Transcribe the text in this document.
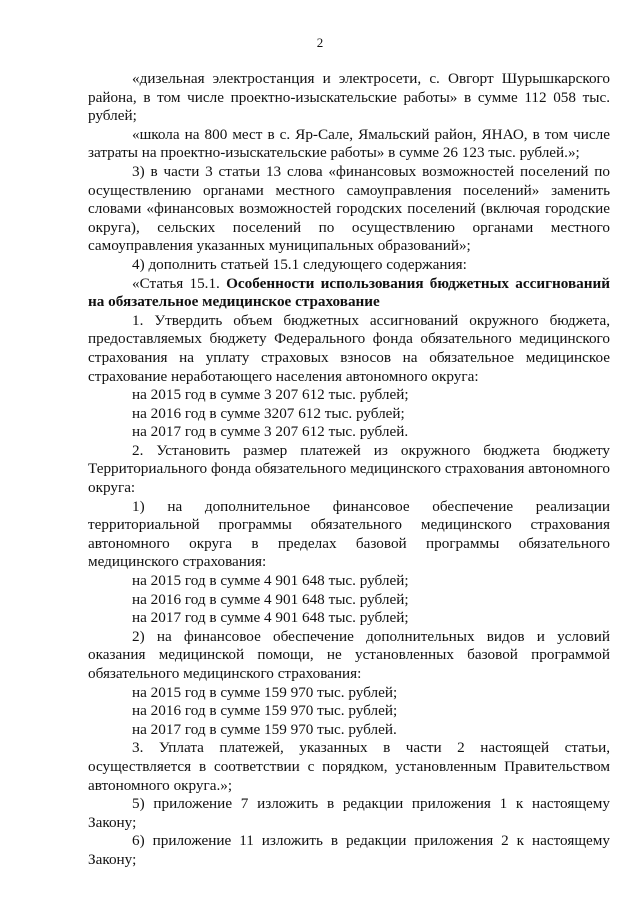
2

«дизельная электростанция и электросети, с. Овгорт Шурышкарского района, в том числе проектно-изыскательские работы» в сумме 112 058 тыс. рублей;

«школа на 800 мест в с. Яр-Сале, Ямальский район, ЯНАО, в том числе затраты на проектно-изыскательские работы» в сумме 26 123 тыс. рублей.»;

3) в части 3 статьи 13 слова «финансовых возможностей поселений по осуществлению органами местного самоуправления поселений» заменить словами «финансовых возможностей городских поселений (включая городские округа), сельских поселений по осуществлению органами местного самоуправления указанных муниципальных образований»;

4) дополнить статьей 15.1 следующего содержания:

«Статья 15.1. Особенности использования бюджетных ассигнований на обязательное медицинское страхование

1. Утвердить объем бюджетных ассигнований окружного бюджета, предоставляемых бюджету Федерального фонда обязательного медицинского страхования на уплату страховых взносов на обязательное медицинское страхование неработающего населения автономного округа:

на 2015 год в сумме 3 207 612 тыс. рублей;

на 2016 год в сумме 3207 612 тыс. рублей;

на 2017 год в сумме 3 207 612 тыс. рублей.

2. Установить размер платежей из окружного бюджета бюджету Территориального фонда обязательного медицинского страхования автономного округа:

1) на дополнительное финансовое обеспечение реализации территориальной программы обязательного медицинского страхования автономного округа в пределах базовой программы обязательного медицинского страхования:

на 2015 год в сумме 4 901 648 тыс. рублей;

на 2016 год в сумме 4 901 648 тыс. рублей;

на 2017 год в сумме 4 901 648 тыс. рублей;

2) на финансовое обеспечение дополнительных видов и условий оказания медицинской помощи, не установленных базовой программой обязательного медицинского страхования:

на 2015 год в сумме 159 970 тыс. рублей;

на 2016 год в сумме 159 970 тыс. рублей;

на 2017 год в сумме 159 970 тыс. рублей.

3. Уплата платежей, указанных в части 2 настоящей статьи, осуществляется в соответствии с порядком, установленным Правительством автономного округа.»;

5) приложение 7 изложить в редакции приложения 1 к настоящему Закону;

6) приложение 11 изложить в редакции приложения 2 к настоящему Закону;
